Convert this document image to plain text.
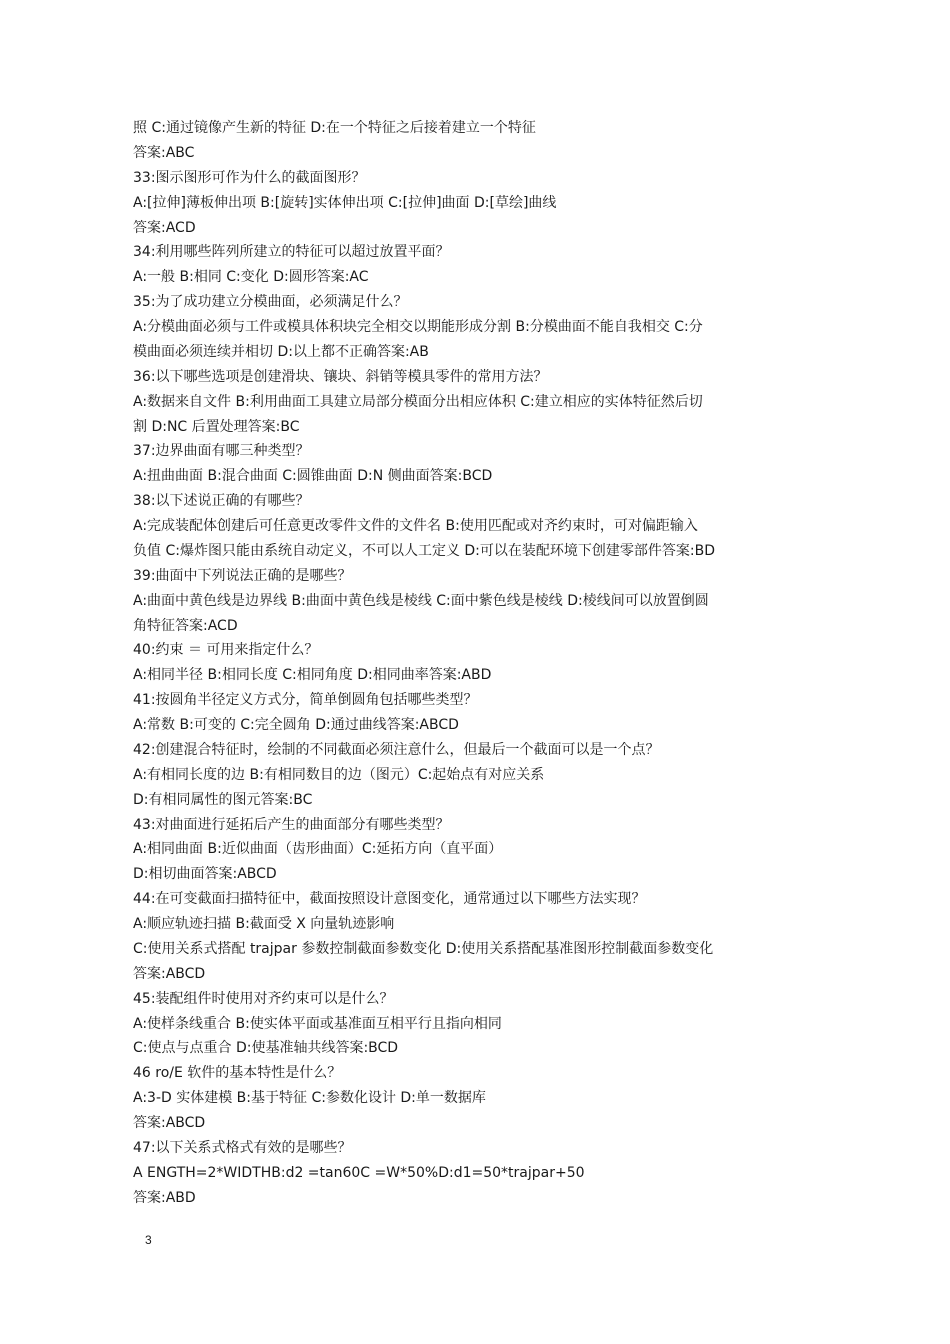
照 C:通过镜像产生新的特征 D:在一个特征之后接着建立一个特征
答案:ABC
33:图示图形可作为什么的截面图形？
A:[拉伸]薄板伸出项 B:[旋转]实体伸出项 C:[拉伸]曲面 D:[草绘]曲线
答案:ACD
34:利用哪些阵列所建立的特征可以超过放置平面？
A:一般 B:相同 C:变化 D:圆形答案:AC
35:为了成功建立分模曲面，必须满足什么？
A:分模曲面必须与工件或模具体积块完全相交以期能形成分割 B:分模曲面不能自我相交 C:分
模曲面必须连续并相切 D:以上都不正确答案:AB
36:以下哪些选项是创建滑块、镶块、斜销等模具零件的常用方法？
A:数据来自文件 B:利用曲面工具建立局部分模面分出相应体积 C:建立相应的实体特征然后切
割 D:NC 后置处理答案:BC
37:边界曲面有哪三种类型？
A:扭曲曲面 B:混合曲面 C:圆锥曲面 D:N 侧曲面答案:BCD
38:以下述说正确的有哪些？
A:完成装配体创建后可任意更改零件文件的文件名 B:使用匹配或对齐约束时，可对偏距输入
负值 C:爆炸图只能由系统自动定义，不可以人工定义 D:可以在装配环境下创建零部件答案:BD
39:曲面中下列说法正确的是哪些？
A:曲面中黄色线是边界线 B:曲面中黄色线是棱线 C:面中紫色线是棱线 D:棱线间可以放置倒圆
角特征答案:ACD
40:约束 ＝ 可用来指定什么？
A:相同半径 B:相同长度 C:相同角度 D:相同曲率答案:ABD
41:按圆角半径定义方式分，简单倒圆角包括哪些类型？
A:常数 B:可变的 C:完全圆角 D:通过曲线答案:ABCD
42:创建混合特征时，绘制的不同截面必须注意什么，但最后一个截面可以是一个点？
A:有相同长度的边 B:有相同数目的边（图元）C:起始点有对应关系
D:有相同属性的图元答案:BC
43:对曲面进行延拓后产生的曲面部分有哪些类型？
A:相同曲面 B:近似曲面（齿形曲面）C:延拓方向（直平面）
D:相切曲面答案:ABCD
44:在可变截面扫描特征中，截面按照设计意图变化，通常通过以下哪些方法实现？
A:顺应轨迹扫描 B:截面受 X 向量轨迹影响
C:使用关系式搭配 trajpar 参数控制截面参数变化 D:使用关系搭配基准图形控制截面参数变化
答案:ABCD
45:装配组件时使用对齐约束可以是什么？
A:使样条线重合 B:使实体平面或基准面互相平行且指向相同
C:使点与点重合 D:使基准轴共线答案:BCD
46 ro/E 软件的基本特性是什么？
A:3-D 实体建模 B:基于特征 C:参数化设计 D:单一数据库
答案:ABCD
47:以下关系式格式有效的是哪些？
A ENGTH=2*WIDTHB:d2 =tan60C =W*50%D:d1=50*trajpar+50
答案:ABD
3
